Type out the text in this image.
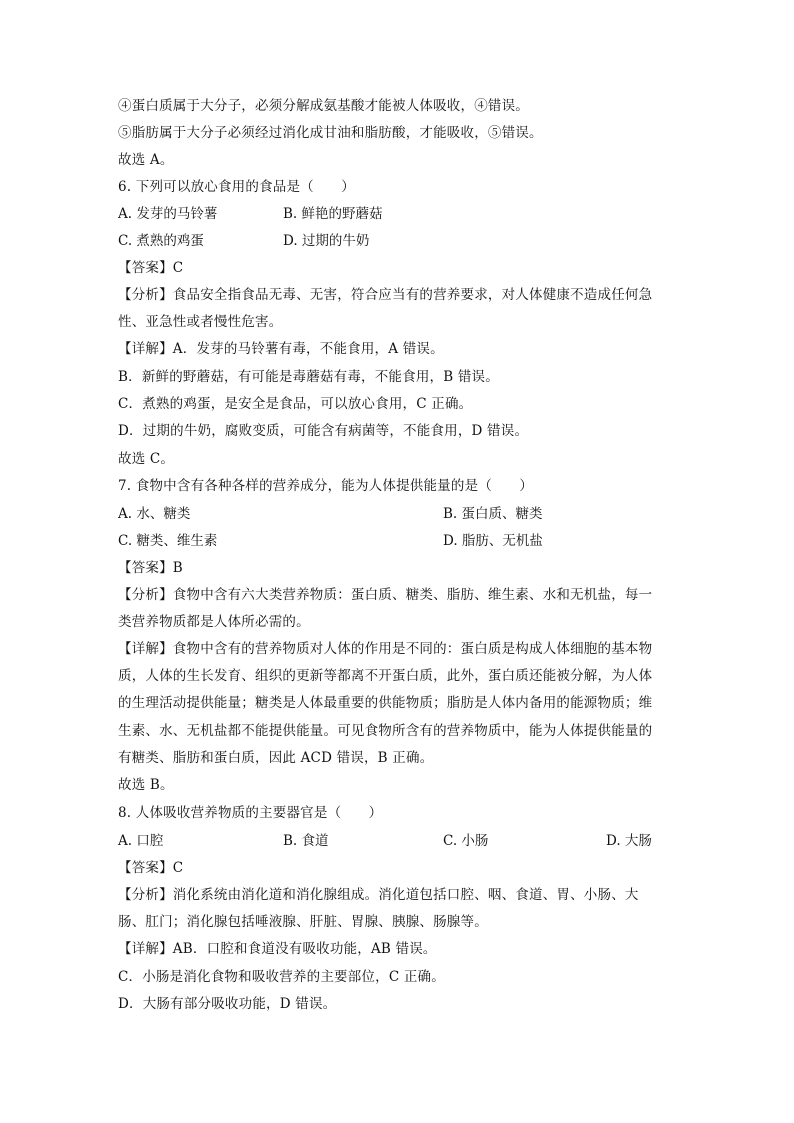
④蛋白质属于大分子，必须分解成氨基酸才能被人体吸收，④错误。
⑤脂肪属于大分子必须经过消化成甘油和脂肪酸，才能吸收，⑤错误。
故选 A。
6. 下列可以放心食用的食品是（　　）
A. 发芽的马铃薯	B. 鲜艳的野蘑菇
C. 煮熟的鸡蛋	D. 过期的牛奶
【答案】C
【分析】食品安全指食品无毒、无害，符合应当有的营养要求，对人体健康不造成任何急
性、亚急性或者慢性危害。
【详解】A．发芽的马铃薯有毒，不能食用，A 错误。
B．新鲜的野蘑菇，有可能是毒蘑菇有毒，不能食用，B 错误。
C．煮熟的鸡蛋，是安全是食品，可以放心食用，C 正确。
D．过期的牛奶，腐败变质，可能含有病菌等，不能食用，D 错误。
故选 C。
7. 食物中含有各种各样的营养成分，能为人体提供能量的是（　　）
A. 水、糖类	B. 蛋白质、糖类
C. 糖类、维生素	D. 脂肪、无机盐
【答案】B
【分析】食物中含有六大类营养物质：蛋白质、糖类、脂肪、维生素、水和无机盐，每一
类营养物质都是人体所必需的。
【详解】食物中含有的营养物质对人体的作用是不同的：蛋白质是构成人体细胞的基本物
质，人体的生长发育、组织的更新等都离不开蛋白质，此外，蛋白质还能被分解，为人体
的生理活动提供能量；糖类是人体最重要的供能物质；脂肪是人体内备用的能源物质；维
生素、水、无机盐都不能提供能量。可见食物所含有的营养物质中，能为人体提供能量的
有糖类、脂肪和蛋白质，因此 ACD 错误，B 正确。
故选 B。
8. 人体吸收营养物质的主要器官是（　　）
A. 口腔	B. 食道	C. 小肠	D. 大肠
【答案】C
【分析】消化系统由消化道和消化腺组成。消化道包括口腔、咽、食道、胃、小肠、大
肠、肛门；消化腺包括唾液腺、肝脏、胃腺、胰腺、肠腺等。
【详解】AB．口腔和食道没有吸收功能，AB 错误。
C．小肠是消化食物和吸收营养的主要部位，C 正确。
D．大肠有部分吸收功能，D 错误。
